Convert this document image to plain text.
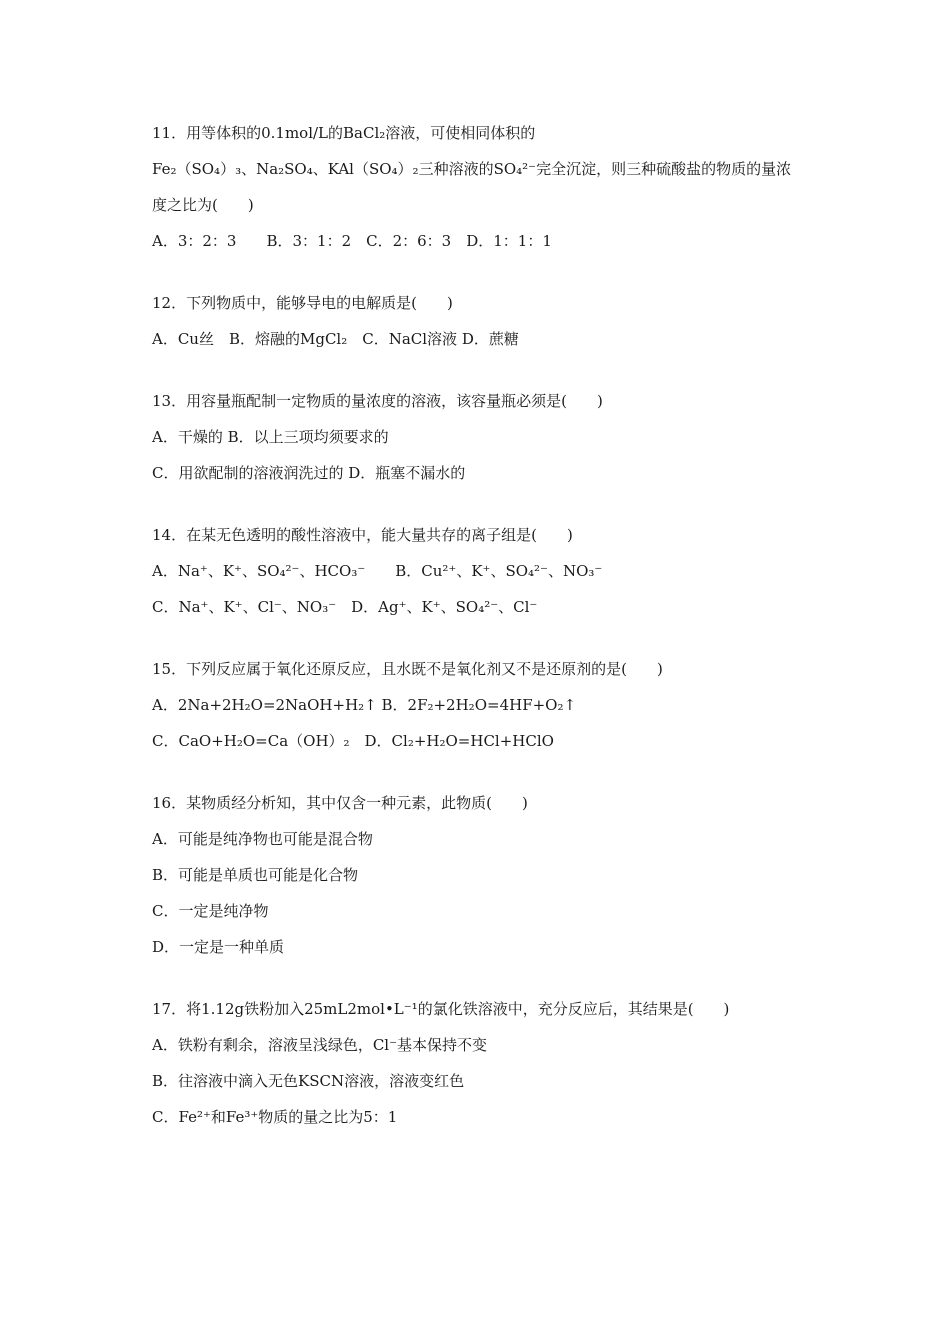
11．用等体积的0.1mol/L的BaCl₂溶液，可使相同体积的

Fe₂（SO₄）₃、Na₂SO₄、KAl（SO₄）₂三种溶液的SO₄²⁻完全沉淀，则三种硫酸盐的物质的量浓

度之比为(　　)

A．3：2：3　　B．3：1：2　C．2：6：3　D．1：1：1

12．下列物质中，能够导电的电解质是(　　)

A．Cu丝　B．熔融的MgCl₂　C．NaCl溶液 D．蔗糖

13．用容量瓶配制一定物质的量浓度的溶液，该容量瓶必须是(　　)

A．干燥的 B．以上三项均须要求的

C．用欲配制的溶液润洗过的 D．瓶塞不漏水的

14．在某无色透明的酸性溶液中，能大量共存的离子组是(　　)

A．Na⁺、K⁺、SO₄²⁻、HCO₃⁻　　B．Cu²⁺、K⁺、SO₄²⁻、NO₃⁻

C．Na⁺、K⁺、Cl⁻、NO₃⁻　D．Ag⁺、K⁺、SO₄²⁻、Cl⁻

15．下列反应属于氧化还原反应，且水既不是氧化剂又不是还原剂的是(　　)

A．2Na+2H₂O=2NaOH+H₂↑ B．2F₂+2H₂O=4HF+O₂↑

C．CaO+H₂O=Ca（OH）₂　D．Cl₂+H₂O=HCl+HClO

16．某物质经分析知，其中仅含一种元素，此物质(　　)

A．可能是纯净物也可能是混合物

B．可能是单质也可能是化合物

C．一定是纯净物

D．一定是一种单质

17．将1.12g铁粉加入25mL2mol•L⁻¹的氯化铁溶液中，充分反应后，其结果是(　　)

A．铁粉有剩余，溶液呈浅绿色，Cl⁻基本保持不变

B．往溶液中滴入无色KSCN溶液，溶液变红色

C．Fe²⁺和Fe³⁺物质的量之比为5：1
